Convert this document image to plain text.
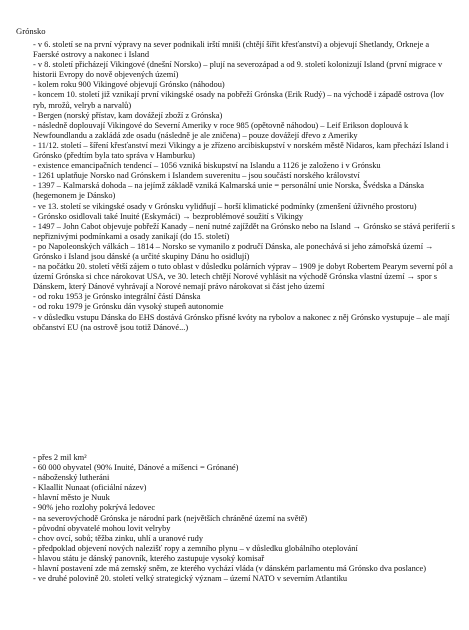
Grónsko
- v 6. století se na první výpravy na sever podnikali irští mniši (chtějí šířit křesťanství) a objevují Shetlandy, Orkneje a Faerské ostrovy a nakonec i Island
- v 8. století přicházejí Vikingové (dnešní Norsko) – plují na severozápad a od 9. století kolonizují Island (první migrace v historii Evropy do nově objevených území)
- kolem roku 900 Vikingové objevují Grónsko (náhodou)
- koncem 10. století již vznikají první vikingské osady na pobřeží Grónska (Erik Rudý) – na východě i západě ostrova (lov ryb, mrožů, velryb a narvalů)
- Bergen (norský přístav, kam dovážejí zboží z Grónska)
- následně doplouvají Vikingové do Severní Ameriky v roce 985 (opětovně náhodou) – Leif Erikson doplouvá k Newfoundlandu a zakládá zde osadu (následně je ale zničena) – pouze dovážejí dřevo z Ameriky
- 11/12. století – šíření křesťanství mezi Vikingy a je zřízeno arcibiskupství v norském městě Nidaros, kam přechází Island i Grónsko (předtím byla tato správa v Hamburku)
- existence emancipačních tendencí – 1056 vzniká biskupství na Islandu a 1126 je založeno i v Grónsku
- 1261 uplatňuje Norsko nad Grónskem i Islandem suverenitu – jsou součástí norského království
- 1397 – Kalmarská dohoda – na jejímž základě vzniká Kalmarská unie = personální unie Norska, Švédska a Dánska (hegemonem je Dánsko)
- ve 13. století se vikingské osady v Grónsku vylidňují – horší klimatické podmínky (zmenšení úživného prostoru)
- Grónsko osidlovali také Inuité (Eskymáci) → bezproblémové soužití s Vikingy
- 1497 – John Cabot objevuje pobřeží Kanady – není nutné zajíždět na Grónsko nebo na Island → Grónsko se stává periferií s nepřiznivými podmínkami a osady zanikají (do 15. století)
- po Napoleonských válkách – 1814 – Norsko se vymanilo z područí Dánska, ale ponechává si jeho zámořská území → Grónsko i Island jsou dánské (a určité skupiny Dánu ho osidlují)
- na počátku 20. století větší zájem o tuto oblast v důsledku polárních výprav – 1909 je dobyt Robertem Pearym severní pól a území Grónska si chce nárokovat USA, ve 30. letech chtějí Norové vyhlásit na východě Grónska vlastní území → spor s Dánskem, který Dánové vyhrávají a Norové nemají právo nárokovat si část jeho území
- od roku 1953 je Grónsko integrální částí Dánska
- od roku 1979 je Grónsku dán vysoký stupeň autonomie
- v důsledku vstupu Dánska do EHS dostává Grónsko přísné kvóty na rybolov a nakonec z něj Grónsko vystupuje – ale mají občanství EU (na ostrově jsou totiž Dánové...)
- přes 2 mil km²
- 60 000 obyvatel (90% Inuité, Dánové a míšenci = Grónané)
- náboženský lutheráni
- Klaallit Nunaat (oficiální název)
- hlavní město je Nuuk
- 90% jeho rozlohy pokrývá ledovec
- na severovýchodě Grónska je národní park (největších chráněné území na světě)
- původní obyvatelé mohou lovit velryby
- chov ovcí, sobů; těžba zinku, uhlí a uranové rudy
- předpoklad objevení nových nalezišť ropy a zemního plynu – v důsledku globálního oteplování
- hlavou státu je dánský panovník, kterého zastupuje vysoký komisař
- hlavní postavení zde má zemský sněm, ze kterého vychází vláda (v dánském parlamentu má Grónsko dva poslance)
- ve druhé polovině 20. století velký strategický význam – území NATO v severním Atlantiku
